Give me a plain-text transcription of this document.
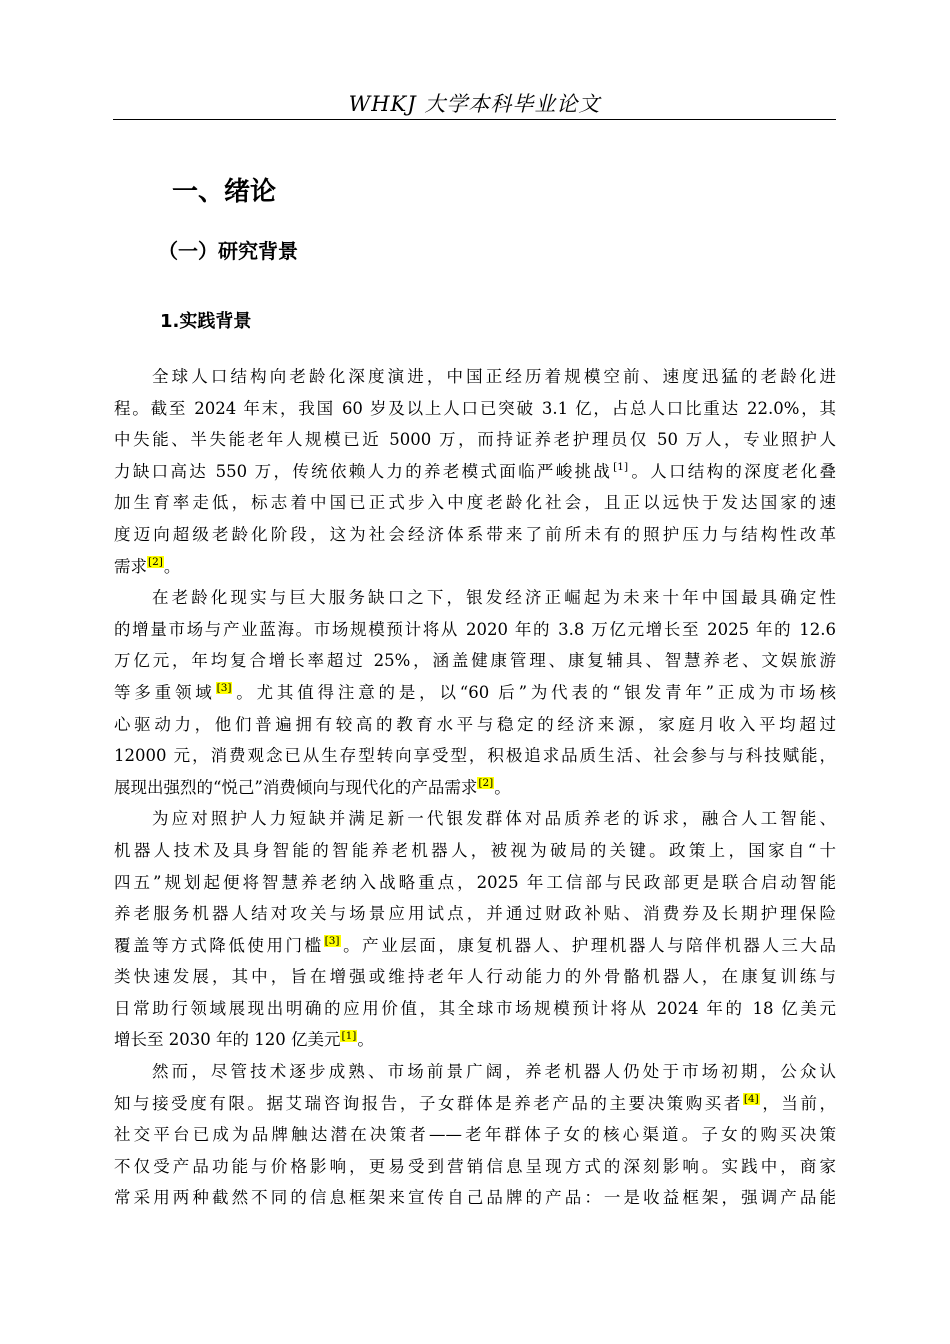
WHKJ 大学本科毕业论文
一、绪论
（一）研究背景
1.实践背景
全球人口结构向老龄化深度演进，中国正经历着规模空前、速度迅猛的老龄化进
程。截至 2024 年末，我国 60 岁及以上人口已突破 3.1 亿，占总人口比重达 22.0%，其
中失能、半失能老年人规模已近 5000 万，而持证养老护理员仅 50 万人，专业照护人
力缺口高达 550 万，传统依赖人力的养老模式面临严峻挑战[1]。人口结构的深度老化叠
加生育率走低，标志着中国已正式步入中度老龄化社会，且正以远快于发达国家的速
度迈向超级老龄化阶段，这为社会经济体系带来了前所未有的照护压力与结构性改革
需求[2]。
在老龄化现实与巨大服务缺口之下，银发经济正崛起为未来十年中国最具确定性
的增量市场与产业蓝海。市场规模预计将从 2020 年的 3.8 万亿元增长至 2025 年的 12.6
万亿元，年均复合增长率超过 25%，涵盖健康管理、康复辅具、智慧养老、文娱旅游
等多重领域[3]。尤其值得注意的是，以“60 后”为代表的“银发青年”正成为市场核
心驱动力，他们普遍拥有较高的教育水平与稳定的经济来源，家庭月收入平均超过
12000 元，消费观念已从生存型转向享受型，积极追求品质生活、社会参与与科技赋能，
展现出强烈的“悦己”消费倾向与现代化的产品需求[2]。
为应对照护人力短缺并满足新一代银发群体对品质养老的诉求，融合人工智能、
机器人技术及具身智能的智能养老机器人，被视为破局的关键。政策上，国家自“十
四五”规划起便将智慧养老纳入战略重点，2025 年工信部与民政部更是联合启动智能
养老服务机器人结对攻关与场景应用试点，并通过财政补贴、消费券及长期护理保险
覆盖等方式降低使用门槛[3]。产业层面，康复机器人、护理机器人与陪伴机器人三大品
类快速发展，其中，旨在增强或维持老年人行动能力的外骨骼机器人，在康复训练与
日常助行领域展现出明确的应用价值，其全球市场规模预计将从 2024 年的 18 亿美元
增长至 2030 年的 120 亿美元[1]。
然而，尽管技术逐步成熟、市场前景广阔，养老机器人仍处于市场初期，公众认
知与接受度有限。据艾瑞咨询报告，子女群体是养老产品的主要决策购买者[4]，当前，
社交平台已成为品牌触达潜在决策者——老年群体子女的核心渠道。子女的购买决策
不仅受产品功能与价格影响，更易受到营销信息呈现方式的深刻影响。实践中，商家
常采用两种截然不同的信息框架来宣传自己品牌的产品：一是收益框架，强调产品能
